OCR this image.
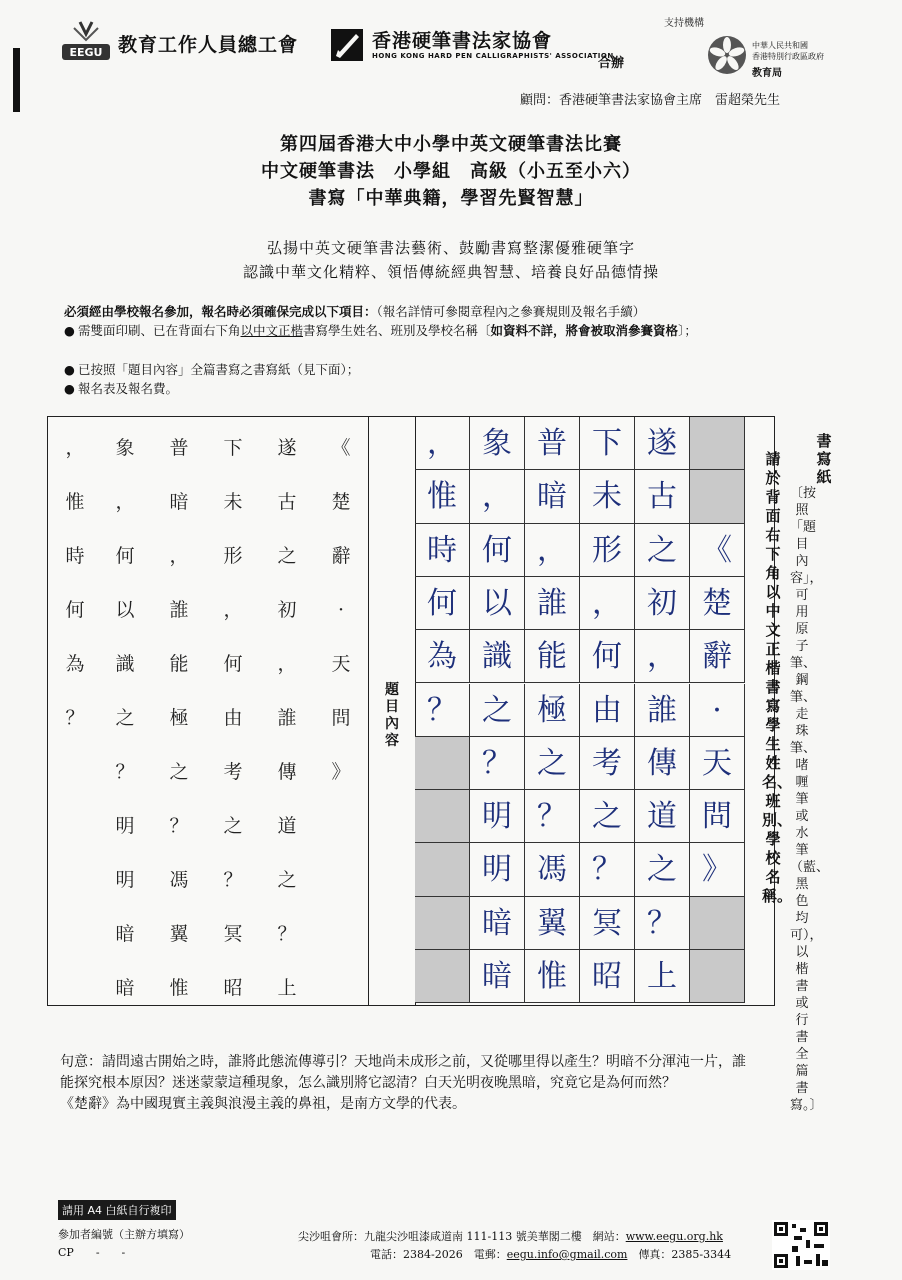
EEGU 教育工作人員總工會	香港硬筆書法家協會
HONG KONG HARD PEN CALLIGRAPHISTS' ASSOCIATION
合辦
支持機構
中華人民共和國
香港特別行政區政府
教育局
顧問：香港硬筆書法家協會主席　雷超榮先生
第四屆香港大中小學中英文硬筆書法比賽
中文硬筆書法　小學組　高級（小五至小六）
書寫「中華典籍，學習先賢智慧」
弘揚中英文硬筆書法藝術、鼓勵書寫整潔優雅硬筆字
認識中華文化精粹、領悟傳統經典智慧、培養良好品德情操
必須經由學校報名參加，報名時必須確保完成以下項目：（報名詳情可參閱章程內之參賽規則及報名手續）
● 需雙面印刷、已在背面右下角以中文正楷書寫學生姓名、班別及學校名稱〔如資料不詳，將會被取消參賽資格〕；
● 已按照「題目內容」全篇書寫之書寫紙（見下面）；
● 報名表及報名費。
《
楚
辭
·
天
問
》
遂
古
之
初
，
誰
傳
道
之
？
上
下
未
形
，
何
由
考
之
？
冥
昭
普
暗
，
誰
能
極
之
？
馮
翼
惟
象
，
何
以
識
之
？
明
明
暗
暗
，
惟
時
何
為
？
題目內容
《
楚
辭
·
天
問
》
遂
古
之
初
，
誰
傳
道
之
？
上
下
未
形
，
何
由
考
之
？
冥
昭
普
暗
，
誰
能
極
之
？
馮
翼
惟
象
，
何
以
識
之
？
明
明
暗
暗
，
惟
時
何
為
？
書寫紙
〔按照「題目內容」，可用原子筆、鋼筆、走珠筆、啫喱筆或水筆（藍、黑色均可），以楷書或行書全篇書寫。〕
請於背面右下角以中文正楷書寫學生姓名、班別、學校名稱。
句意：請問遠古開始之時，誰將此態流傳導引？天地尚未成形之前，又從哪里得以產生？明暗不分渾沌一片，誰
能探究根本原因？迷迷蒙蒙這種現象，怎么識別將它認清？白天光明夜晚黑暗，究竟它是為何而然？
《楚辭》為中國現實主義與浪漫主義的鼻祖，是南方文學的代表。
請用 A4 白紙自行複印
參加者編號（主辦方填寫）
CP　　-　　-
尖沙咀會所：九龍尖沙咀漆咸道南 111-113 號美華閣二樓　網站：www.eegu.org.hk
電話：2384-2026　電郵：eegu.info@gmail.com　 傳真：2385-3344
